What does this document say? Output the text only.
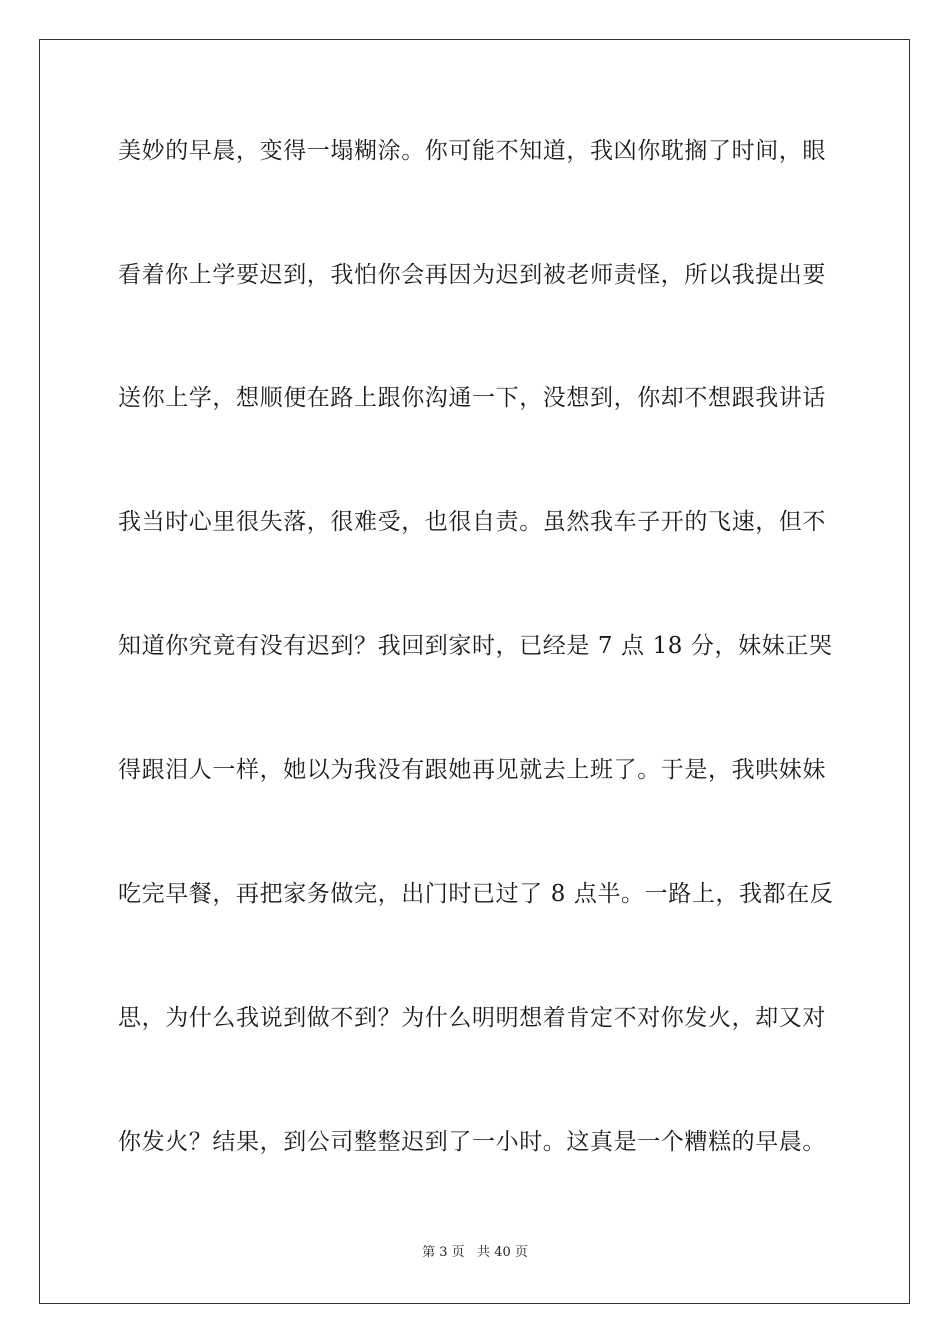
美妙的早晨，变得一塌糊涂。你可能不知道，我凶你耽搁了时间，眼
看着你上学要迟到，我怕你会再因为迟到被老师责怪，所以我提出要
送你上学，想顺便在路上跟你沟通一下，没想到，你却不想跟我讲话
我当时心里很失落，很难受，也很自责。虽然我车子开的飞速，但不
知道你究竟有没有迟到？我回到家时，已经是 7 点 18 分，妹妹正哭
得跟泪人一样，她以为我没有跟她再见就去上班了。于是，我哄妹妹
吃完早餐，再把家务做完，出门时已过了 8 点半。一路上，我都在反
思，为什么我说到做不到？为什么明明想着肯定不对你发火，却又对
你发火？结果，到公司整整迟到了一小时。这真是一个糟糕的早晨。
第 3 页   共 40 页
